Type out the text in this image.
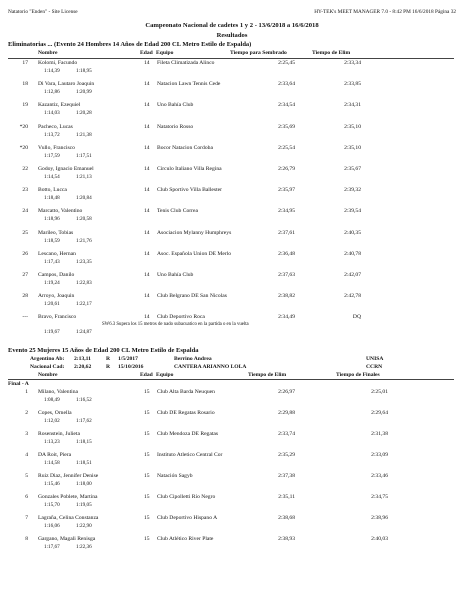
Natatorio "Enden" - Site License	HY-TEK's MEET MANAGER 7.0 - 8:42 PM 16/6/2018 Página 32
Campeonato Nacional de cadetes 1 y 2 - 13/6/2018 a 16/6/2018
Resultados
Eliminatorias ... (Evento 24 Hombres 14 Años de Edad 200 CL Metro Estilo de Espalda)
Nombre	Edad Equipo	Tiempo para Sembrado	Tiempo de Elim
17 Kolomi, Facundo	14 Fileta Climatizada Alinco	2:25,45	2:33,34
1:14,39	1:18,95
18 Di Vara, Lautaro Joaquin	14 Natacion Lawn Tennis Cede	2:33,64	2:33,85
1:12,86	1:20,99
19 Kazantiz, Ezequiel	14 Uno Bahía Club	2:34,54	2:34,31
1:14,03	1:20,28
*20 Pacheco, Lucas	14 Natatorio Rosso	2:35,69	2:35,10
1:13,72	1:21,38
*20 Vullo, Francisco	14 Bocor Natacion Cordoba	2:25,54	2:35,10
1:17,59	1:17,51
22 Godoy, Ignacio Emanuel	14 Circulo Italiano Villa Regina	2:26,79	2:35,67
1:14,54	1:21,13
23 Botto, Lucca	14 Club Sportivo Villa Ballester	2:35,97	2:39,32
1:18,48	1:20,84
24 Marcatto, Valentino	14 Tenis Club Correa	2:34,95	2:39,54
1:18,96	1:20,58
25 Marileo, Tobias	14 Asociacion Mylanny Humphreys	2:37,61	2:40,35
1:18,59	1:21,76
26 Lescano, Hernan	14 Asoc. Española Union DE Merlo	2:36,48	2:40,78
1:17,43	1:23,35
27 Campos, Danilo	14 Uno Bahía Club	2:37,63	2:42,07
1:19,24	1:22,83
28 Arroyo, Joaquin	14 Club Belgrano DE San Nicolas	2:38,82	2:42,78
1:20,61	1:22,17
--- Bravo, Francisco	14 Club Deportivo Roca	2:34,49	DQ
1:19,67	1:24,87
SW6.3 Supera los 15 metros de nado subacuatico en la partida o en la vuelta
Evento 25 Mujeres 15 Años de Edad 200 CL Metro Estilo de Espalda
Argentino Ab: 2:13,11	R 1/5/2017	Berrino Andrea	UNISA
Nacional Cad: 2:20,62	R 15/10/2016	CANTERA ARIANNO LOLA	CCRN
Nombre	Edad Equipo	Tiempo de Elim	Tiempo de Finales
Final - A
1 Milano, Valentina	15 Club Alta Barda Neuquen	2:26,97	2:25,01
1:08,49	1:16,52
2 Copes, Ornella	15 Club DE Regatas Rosario	2:29,88	2:29,64
1:12,02	1:17,62
3 Rosenstein, Julieta	15 Club Mendoza DE Regatas	2:33,74	2:31,38
1:13,23	1:18,15
4 DA Roit, Piera	15 Instituto Atletico Central Cor	2:35,29	2:33,09
1:14,58	1:18,51
5 Ruiz Diaz, Jennifer Denise	15 Natación Sagyb	2:37,38	2:33,46
1:15,46	1:18,00
6 Gonzales Poblete, Martina	15 Club Cipolletti Río Negro	2:35,11	2:34,75
1:15,70	1:19,05
7 Lagraña, Celina Constanza	15 Club Deportivo Hispano A	2:38,68	2:38,96
1:16,06	1:22,90
8 Gargano, Magali Renisga	15 Club Atlético River Plate	2:38,93	2:40,03
1:17,67	1:22,36
